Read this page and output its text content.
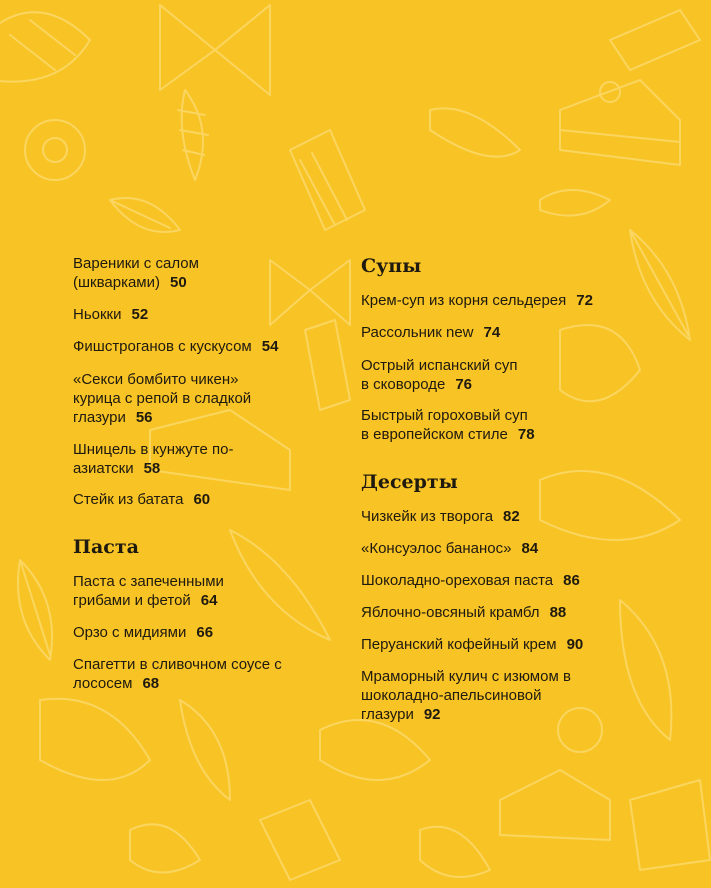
Вареники с салом (шкварками) 50

Ньокки 52

Фишстроганов с кускусом 54

«Секси бомбито чикен» курица с репой в сладкой глазури 56

Шницель в кунжуте по-азиатски 58

Стейк из батата 60

Паста

Паста с запеченными грибами и фетой 64

Орзо с мидиями 66

Спагетти в сливочном соусе с лососем 68

Супы

Крем-суп из корня сельдерея 72

Рассольник new 74

Острый испанский суп в сковороде 76

Быстрый гороховый суп в европейском стиле 78

Десерты

Чизкейк из творога 82

«Консуэлос бананос» 84

Шоколадно-ореховая паста 86

Яблочно-овсяный крамбл 88

Перуанский кофейный крем 90

Мраморный кулич с изюмом в шоколадно-апельсиновой глазури 92
